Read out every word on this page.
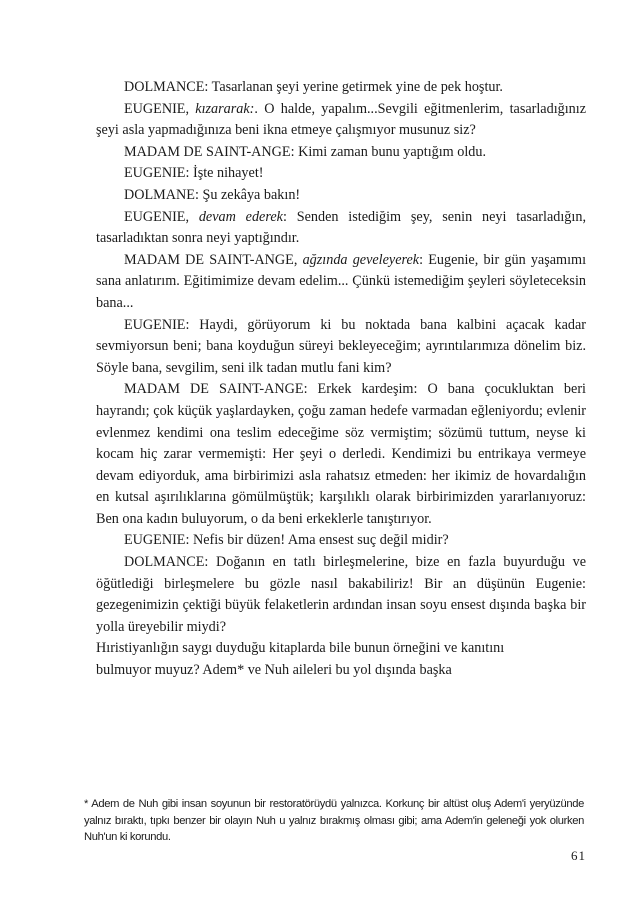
DOLMANCE: Tasarlanan şeyi yerine getirmek yine de pek hoştur.

EUGENIE, kızararak:. O halde, yapalım...Sevgili eğitmenlerim, tasarladığınız şeyi asla yapmadığınıza beni ikna etmeye çalışmıyor musunuz siz?

MADAM DE SAINT-ANGE: Kimi zaman bunu yaptığım oldu.

EUGENIE: İşte nihayet!

DOLMANE: Şu zekâya bakın!

EUGENIE, devam ederek: Senden istediğim şey, senin neyi tasarladığın, tasarladıktan sonra neyi yaptığındır.

MADAM DE SAINT-ANGE, ağzında geveleyerek: Eugenie, bir gün yaşamımı sana anlatırım. Eğitimimize devam edelim... Çünkü istemediğim şeyleri söyleteceksin bana...

EUGENIE: Haydi, görüyorum ki bu noktada bana kalbini açacak kadar sevmiyorsun beni; bana koyduğun süreyi bekleyeceğim; ayrıntılarımıza dönelim biz. Söyle bana, sevgilim, seni ilk tadan mutlu fani kim?

MADAM DE SAINT-ANGE: Erkek kardeşim: O bana çocukluktan beri hayrandı; çok küçük yaşlardayken, çoğu zaman hedefe varmadan eğleniyordu; evlenir evlenmez kendimi ona teslim edeceğime söz vermiştim; sözümü tuttum, neyse ki kocam hiç zarar vermemişti: Her şeyi o derledi. Kendimizi bu entrikaya vermeye devam ediyorduk, ama birbirimizi asla rahatsız etmeden: her ikimiz de hovardalığın en kutsal aşırılıklarına gömülmüştük; karşılıklı olarak birbirimizden yararlanıyoruz: Ben ona kadın buluyorum, o da beni erkeklerle tanıştırıyor.

EUGENIE: Nefis bir düzen! Ama ensest suç değil midir?

DOLMANCE: Doğanın en tatlı birleşmelerine, bize en fazla buyurduğu ve öğütlediği birleşmelere bu gözle nasıl bakabiliriz! Bir an düşünün Eugenie: gezegenimizin çektiği büyük felaketlerin ardından insan soyu ensest dışında başka bir yolla üreyebilir miydi?

Hıristiyanlığın saygı duyduğu kitaplarda bile bunun örneğini ve kanıtını

bulmuyor muyuz? Adem* ve Nuh aileleri bu yol dışında başka

* Adem de Nuh gibi insan soyunun bir restoratörüydü yalnızca. Korkunç bir altüst oluş Adem'i yeryüzünde yalnız bıraktı, tıpkı benzer bir olayın Nuh u yalnız bırakmış olması gibi; ama Adem'in geleneği yok olurken Nuh'un ki korundu.

61
